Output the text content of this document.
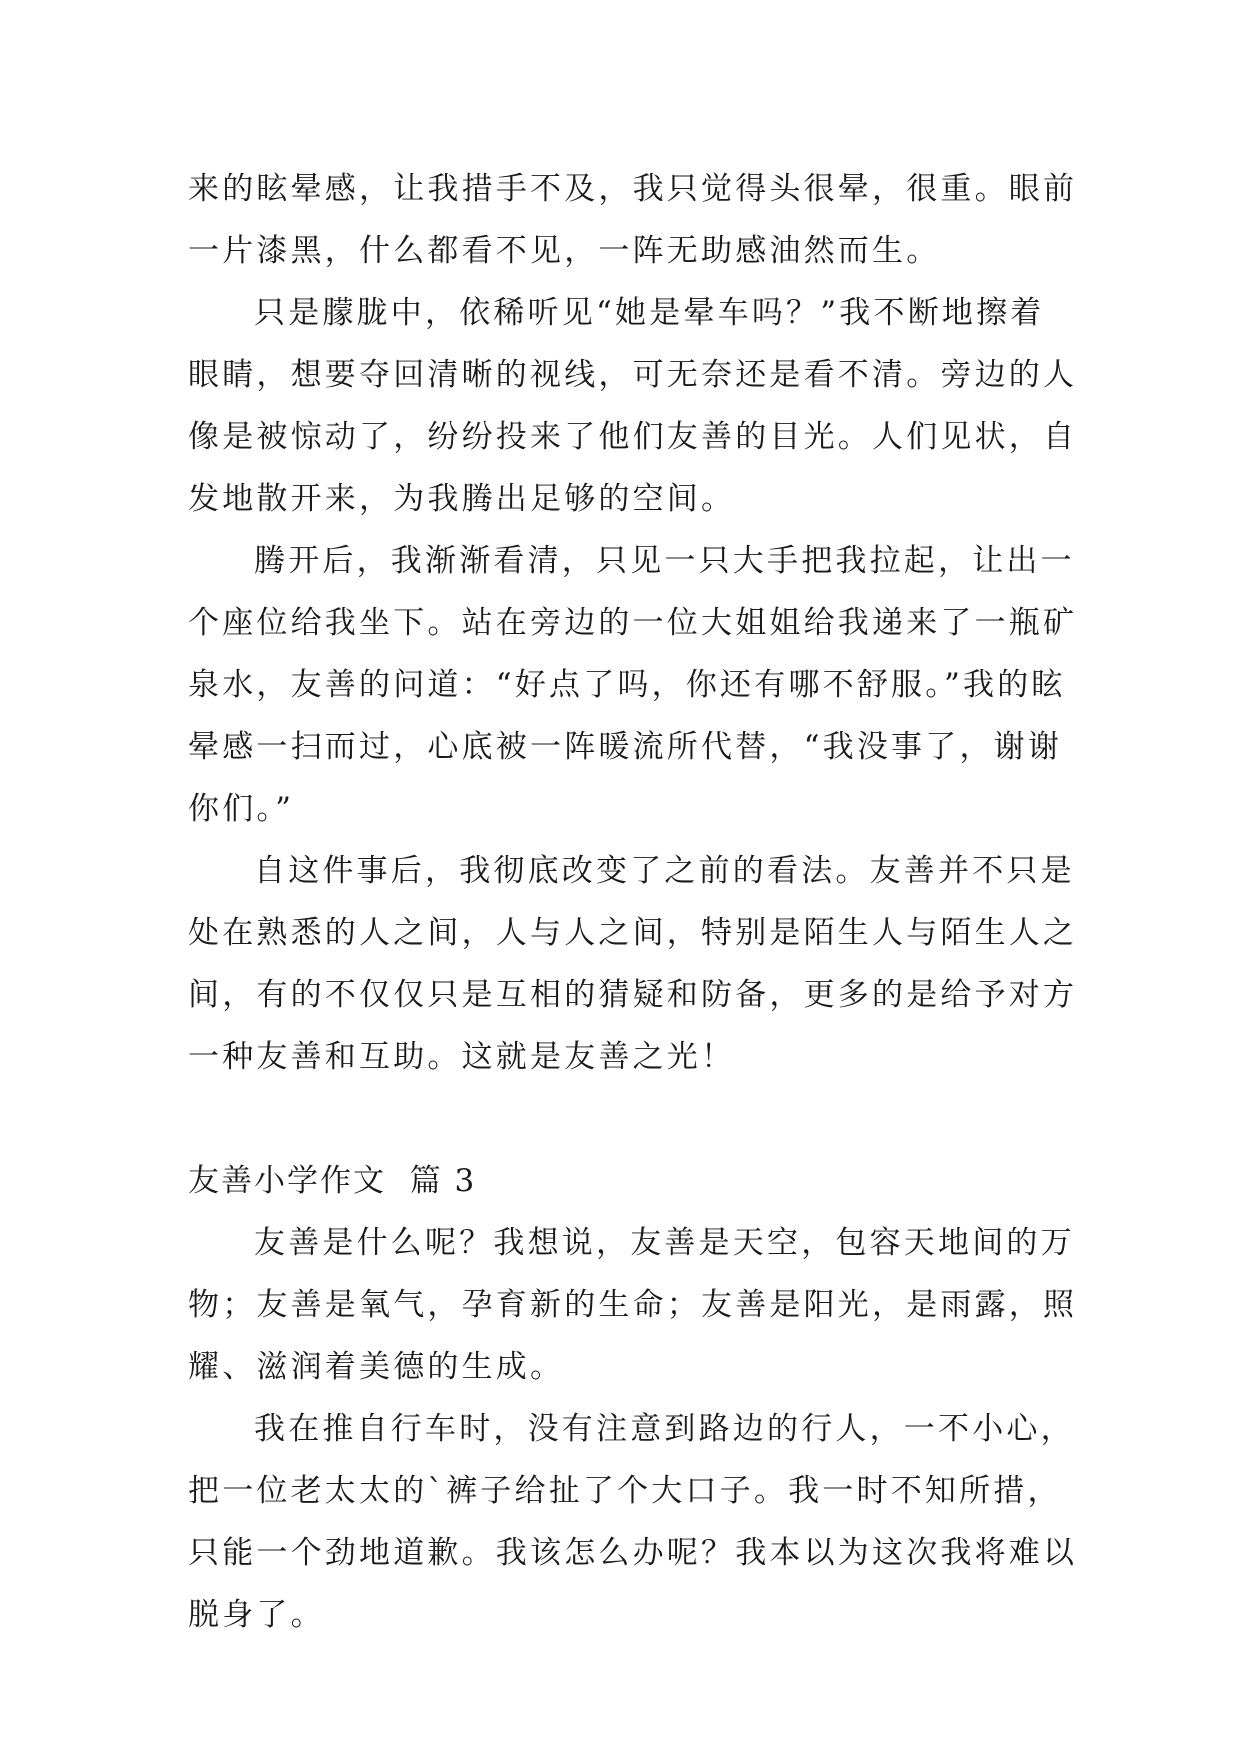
来的眩晕感，让我措手不及，我只觉得头很晕，很重。眼前
一片漆黑，什么都看不见，一阵无助感油然而生。
只是朦胧中，依稀听见“她是晕车吗？”我不断地擦着
眼睛，想要夺回清晰的视线，可无奈还是看不清。旁边的人
像是被惊动了，纷纷投来了他们友善的目光。人们见状，自
发地散开来，为我腾出足够的空间。
腾开后，我渐渐看清，只见一只大手把我拉起，让出一
个座位给我坐下。站在旁边的一位大姐姐给我递来了一瓶矿
泉水，友善的问道：“好点了吗，你还有哪不舒服。”我的眩
晕感一扫而过，心底被一阵暖流所代替，“我没事了，谢谢
你们。”
自这件事后，我彻底改变了之前的看法。友善并不只是
处在熟悉的人之间，人与人之间，特别是陌生人与陌生人之
间，有的不仅仅只是互相的猜疑和防备，更多的是给予对方
一种友善和互助。这就是友善之光！
友善小学作文  篇 3
友善是什么呢？我想说，友善是天空，包容天地间的万
物；友善是氧气，孕育新的生命；友善是阳光，是雨露，照
耀、滋润着美德的生成。
我在推自行车时，没有注意到路边的行人，一不小心，
把一位老太太的`裤子给扯了个大口子。我一时不知所措，
只能一个劲地道歉。我该怎么办呢？我本以为这次我将难以
脱身了。
